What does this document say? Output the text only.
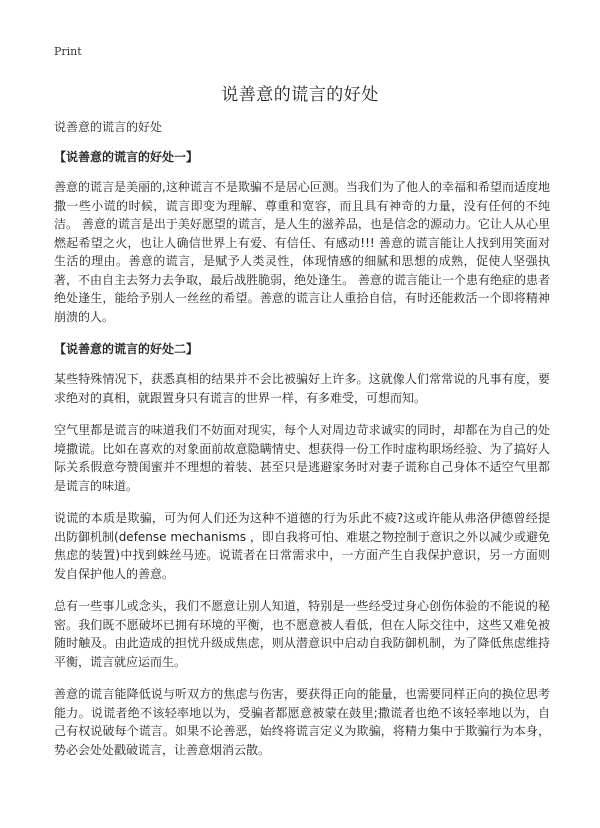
Print
说善意的谎言的好处
说善意的谎言的好处
【说善意的谎言的好处一】

善意的谎言是美丽的,这种谎言不是欺骗不是居心叵测。当我们为了他人的幸福和希望而适度地撒一些小谎的时候，谎言即变为理解、尊重和宽容，而且具有神奇的力量，没有任何的不纯洁。 善意的谎言是出于美好愿望的谎言，是人生的滋养品，也是信念的源动力。它让人从心里燃起希望之火，也让人确信世界上有爱、有信任、有感动!!! 善意的谎言能让人找到用笑面对生活的理由。善意的谎言，是赋予人类灵性，体现情感的细腻和思想的成熟，促使人坚强执著，不由自主去努力去争取，最后战胜脆弱，绝处逢生。 善意的谎言能让一个患有绝症的患者绝处逢生，能给予别人一丝丝的希望。善意的谎言让人重拾自信，有时还能救活一个即将精神崩溃的人。

【说善意的谎言的好处二】

某些特殊情况下，获悉真相的结果并不会比被骗好上许多。这就像人们常常说的凡事有度，要求绝对的真相，就跟置身只有谎言的世界一样，有多难受，可想而知。

空气里都是谎言的味道我们不妨面对现实，每个人对周边苛求诚实的同时，却都在为自己的处境撒谎。比如在喜欢的对象面前故意隐瞒情史、想获得一份工作时虚构职场经验、为了搞好人际关系假意夸赞闺蜜并不理想的着装、甚至只是逃避家务时对妻子谎称自己身体不适空气里都是谎言的味道。

说谎的本质是欺骗，可为何人们还为这种不道德的行为乐此不疲?这或许能从弗洛伊德曾经提出防御机制(defense mechanisms ，即自我将可怕、难堪之物控制于意识之外以减少或避免焦虑的装置)中找到蛛丝马迹。说谎者在日常需求中，一方面产生自我保护意识，另一方面则发自保护他人的善意。

总有一些事儿或念头，我们不愿意让别人知道，特别是一些经受过身心创伤体验的不能说的秘密。我们既不愿破坏已拥有环境的平衡，也不愿意被人看低，但在人际交往中，这些又难免被随时触及。由此造成的担忧升级成焦虑，则从潜意识中启动自我防御机制，为了降低焦虑维持平衡，谎言就应运而生。

善意的谎言能降低说与听双方的焦虑与伤害，要获得正向的能量，也需要同样正向的换位思考能力。说谎者绝不该轻率地以为，受骗者都愿意被蒙在鼓里;撒谎者也绝不该轻率地以为，自己有权说破每个谎言。如果不论善恶，始终将谎言定义为欺骗，将精力集中于欺骗行为本身，势必会处处戳破谎言，让善意烟消云散。
